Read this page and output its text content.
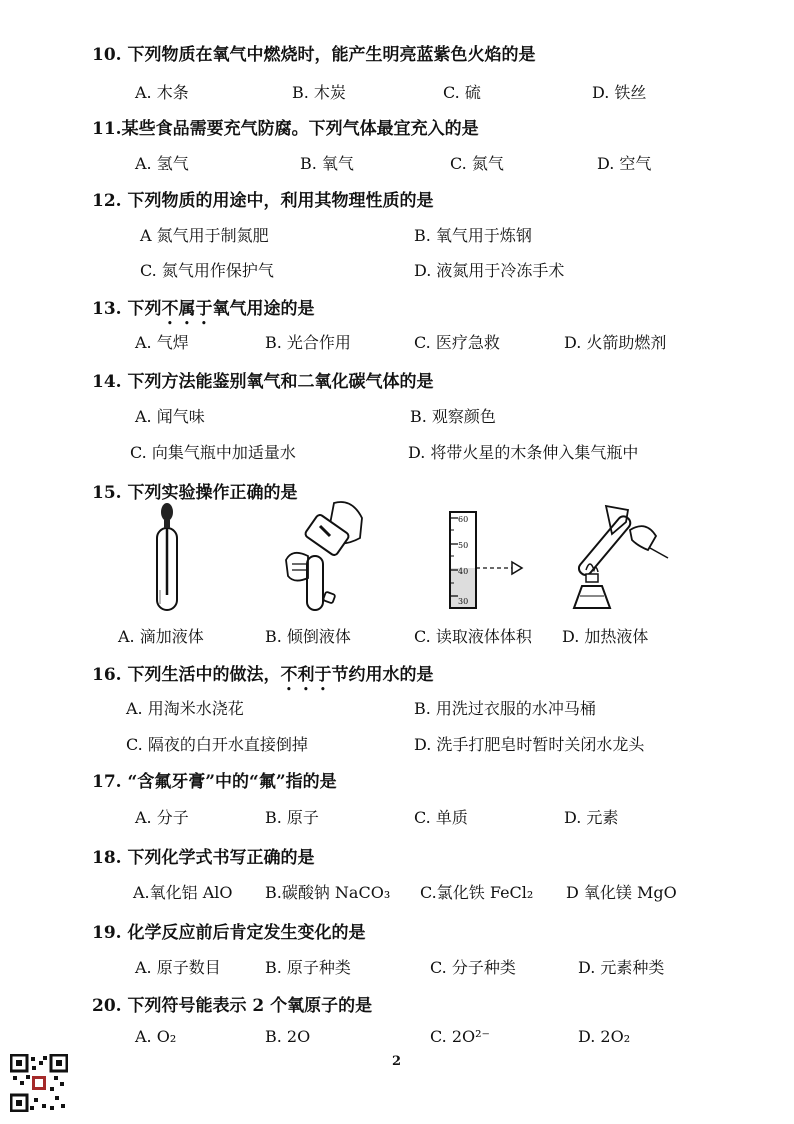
10. 下列物质在氧气中燃烧时，能产生明亮蓝紫色火焰的是
A. 木条	B. 木炭	C. 硫	D. 铁丝
11.某些食品需要充气防腐。下列气体最宜充入的是
A. 氢气	B. 氧气	C. 氮气	D. 空气
12. 下列物质的用途中，利用其物理性质的是
A 氮气用于制氮肥	B. 氧气用于炼钢
C. 氮气用作保护气	D. 液氮用于冷冻手术
13. 下列不属于氧气用途的是
A. 气焊	B. 光合作用	C. 医疗急救	D. 火箭助燃剂
14. 下列方法能鉴别氧气和二氧化碳气体的是
A. 闻气味	B. 观察颜色
C. 向集气瓶中加适量水	D. 将带火星的木条伸入集气瓶中
15. 下列实验操作正确的是
60
50
40
30
A. 滴加液体	B. 倾倒液体	C. 读取液体体积 D. 加热液体
16. 下列生活中的做法，不利于节约用水的是
A. 用淘米水浇花	B. 用洗过衣服的水冲马桶
C. 隔夜的白开水直接倒掉	D. 洗手打肥皂时暂时关闭水龙头
17. “含氟牙膏”中的“氟”指的是
A. 分子	B. 原子	C. 单质	D. 元素
18. 下列化学式书写正确的是
A.氧化铝 AlO B.碳酸钠 NaCO₃ C.氯化铁 FeCl₂ D 氧化镁 MgO
19. 化学反应前后肯定发生变化的是
A. 原子数目	B. 原子种类	C. 分子种类	D. 元素种类
20. 下列符号能表示 2 个氧原子的是
A. O₂	B. 2O	C. 2O²⁻	D. 2O₂
2
